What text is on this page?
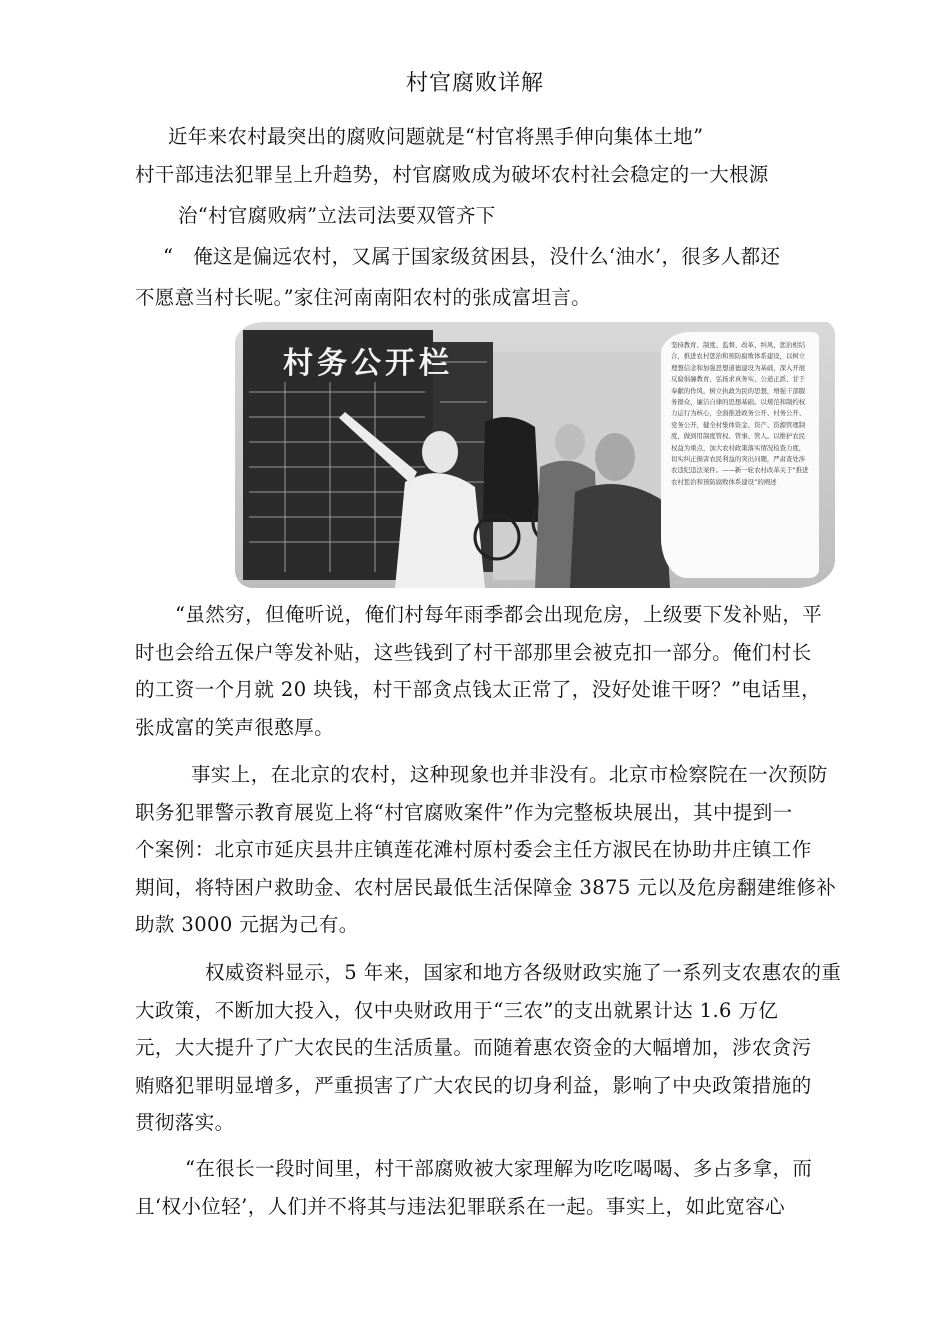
村官腐败详解
近年来农村最突出的腐败问题就是“村官将黑手伸向集体土地”
村干部违法犯罪呈上升趋势，村官腐败成为破坏农村社会稳定的一大根源
治“村官腐败病”立法司法要双管齐下
“　俺这是偏远农村，又属于国家级贫困县，没什么‘油水’，很多人都还
不愿意当村长呢。”家住河南南阳农村的张成富坦言。
村务公开栏
坚持教育、制度、监督、改革、纠风、惩治相结合，推进农村惩治和预防腐败体系建设，以树立理想信念和加强思想道德建设为基础，深入开展反腐倡廉教育，弘扬求真务实、公道正派、甘于奉献的作风，树立执政为民的思想，增强干部服务群众、廉洁自律的思想基础。以规范和制约权力运行为核心，全面推进政务公开、村务公开、党务公开，健全村集体资金、资产、资源管理制度，做到用制度管权、管事、管人。以维护农民权益为重点，加大农村政策落实情况检查力度，切实纠正损害农民利益的突出问题，严肃查处涉农违纪违法案件。——新一轮农村改革关于“推进农村惩治和预防腐败体系建设”的阐述

“虽然穷，但俺听说，俺们村每年雨季都会出现危房，上级要下发补贴，平

时也会给五保户等发补贴，这些钱到了村干部那里会被克扣一部分。俺们村长

的工资一个月就 20 块钱，村干部贪点钱太正常了，没好处谁干呀？”电话里，

张成富的笑声很憨厚。

事实上，在北京的农村，这种现象也并非没有。北京市检察院在一次预防

职务犯罪警示教育展览上将“村官腐败案件”作为完整板块展出，其中提到一

个案例：北京市延庆县井庄镇莲花滩村原村委会主任方淑民在协助井庄镇工作

期间，将特困户救助金、农村居民最低生活保障金 3875 元以及危房翻建维修补

助款 3000 元据为己有。

权威资料显示，5 年来，国家和地方各级财政实施了一系列支农惠农的重

大政策，不断加大投入，仅中央财政用于“三农”的支出就累计达 1.6 万亿

元，大大提升了广大农民的生活质量。而随着惠农资金的大幅增加，涉农贪污

贿赂犯罪明显增多，严重损害了广大农民的切身利益，影响了中央政策措施的

贯彻落实。

“在很长一段时间里，村干部腐败被大家理解为吃吃喝喝、多占多拿，而

且‘权小位轻’，人们并不将其与违法犯罪联系在一起。事实上，如此宽容心
